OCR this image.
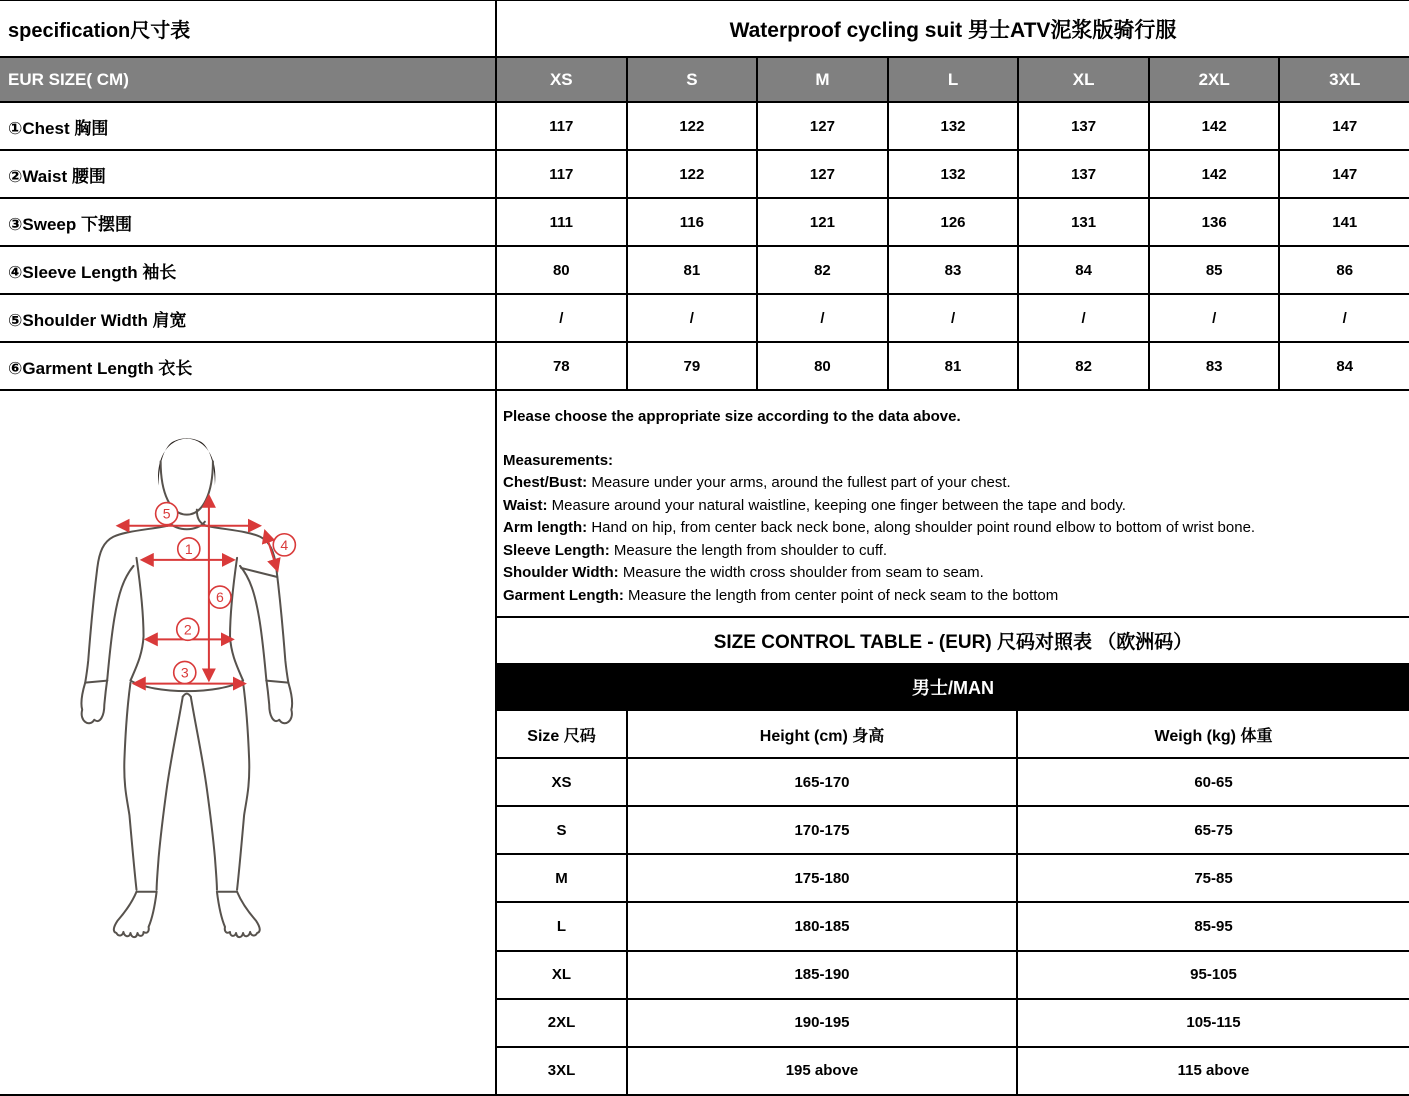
specification尺寸表	Waterproof cycling suit 男士ATV泥浆版骑行服
EUR SIZE( CM)	XS	S	M	L	XL	2XL	3XL
①Chest 胸围	117	122	127	132	137	142	147
②Waist 腰围	117	122	127	132	137	142	147
③Sweep 下摆围	111	116	121	126	131	136	141
④Sleeve Length 袖长	80	81	82	83	84	85	86
⑤Shoulder Width 肩宽	/	/	/	/	/	/	/
⑥Garment Length 衣长	78	79	80	81	82	83	84
5
1	4
6
2
3
Please choose the appropriate size according to the data above.
Measurements:
Chest/Bust: Measure under your arms, around the fullest part of your chest.
Waist: Measure around your natural waistline, keeping one finger between the tape and body.
Arm length: Hand on hip, from center back neck bone, along shoulder point round elbow to bottom of wrist bone.
Sleeve Length: Measure the length from shoulder to cuff.
Shoulder Width: Measure the width cross shoulder from seam to seam.
Garment Length: Measure the length from center point of neck seam to the bottom
SIZE CONTROL TABLE - (EUR) 尺码对照表 （欧洲码）
男士/MAN
Size 尺码	Height (cm) 身高	Weigh (kg) 体重
XS	165-170	60-65
S	170-175	65-75
M	175-180	75-85
L	180-185	85-95
XL	185-190	95-105
2XL	190-195	105-115
3XL	195 above	115 above
